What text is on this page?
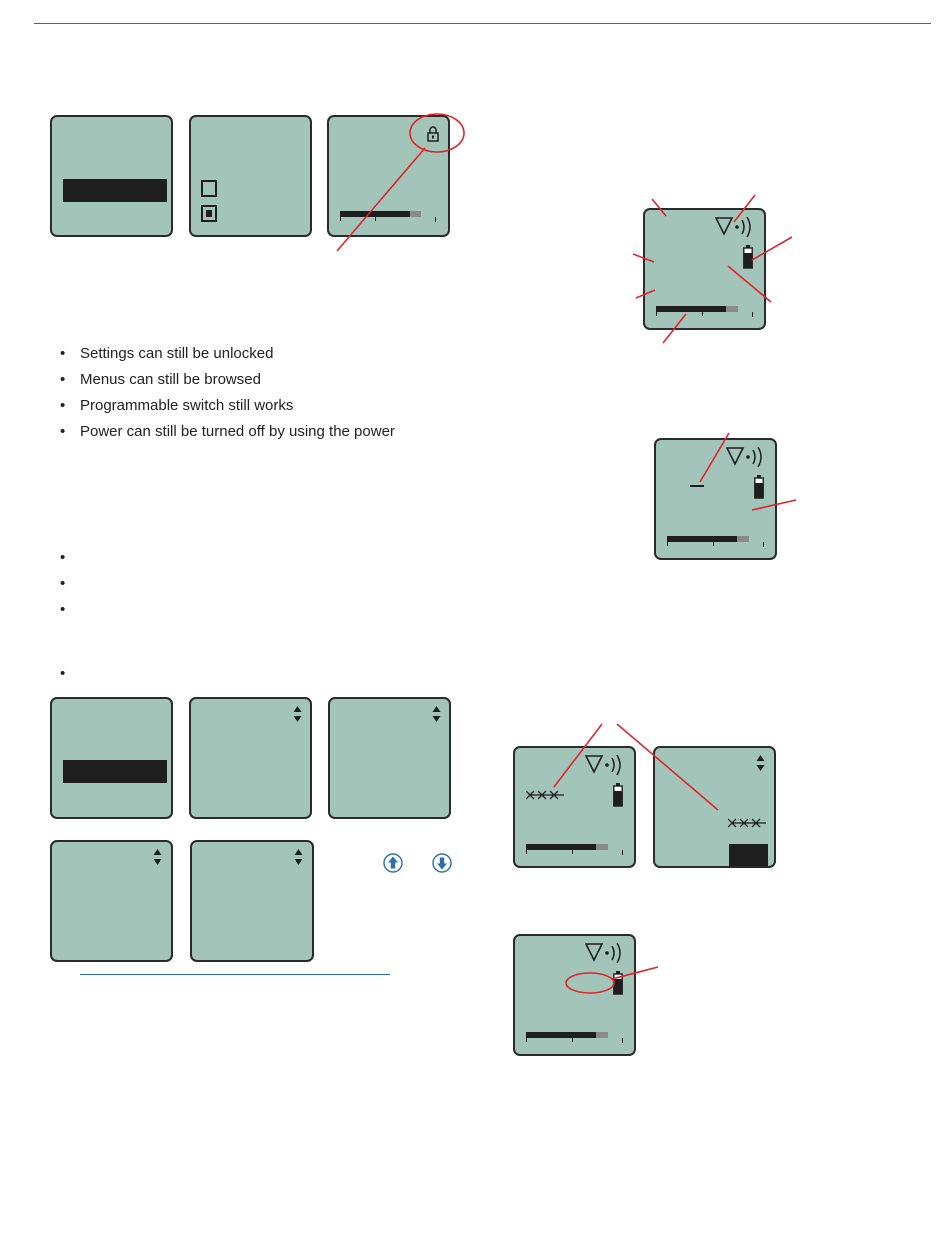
• Settings can still be unlocked
• Menus can still be browsed
• Programmable switch still works
• Power can still be turned off by using the power
•
•
•
•
